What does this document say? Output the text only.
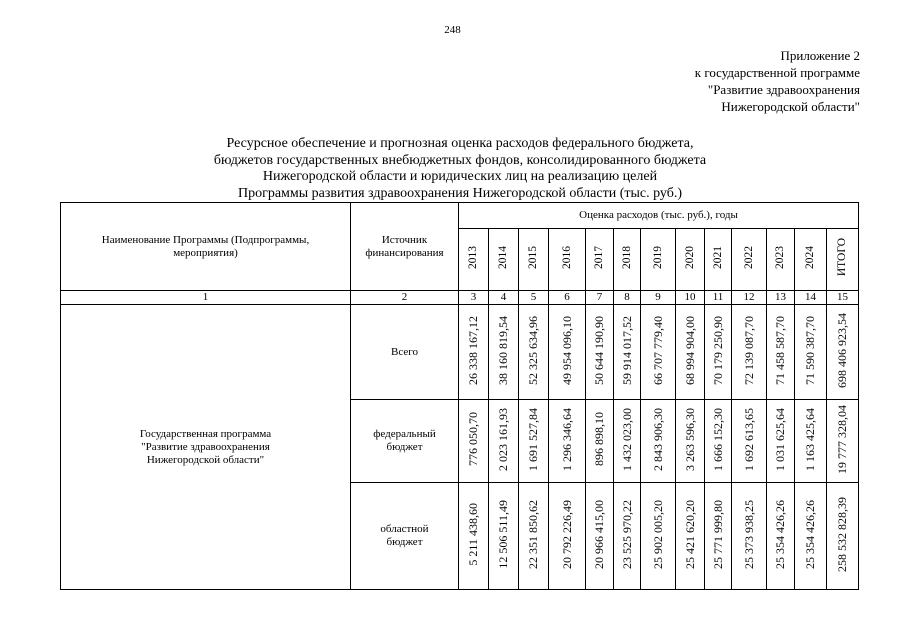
248
Приложение 2
к государственной программе
"Развитие здравоохранения
Нижегородской области"
Ресурсное обеспечение и прогнозная оценка расходов федерального бюджета,
бюджетов государственных внебюджетных фондов, консолидированного бюджета
Нижегородской области и юридических лиц на реализацию целей
Программы развития здравоохранения Нижегородской области (тыс. руб.)
Наименование Программы (Подпрограммы, мероприятия)	Источник финансирования	Оценка расходов (тыс. руб.), годы												
		2013	2014	2015	2016	2017	2018	2019	2020	2021	2022	2023	2024	ИТОГО
1	2	3	4	5	6	7	8	9	10	11	12	13	14	15

Государственная программа "Развитие здравоохранения Нижегородской области"	Всего	26 338 167,12	38 160 819,54	52 325 634,96	49 954 096,10	50 644 190,90	59 914 017,52	66 707 779,40	68 994 904,00	70 179 250,90	72 139 087,70	71 458 587,70	71 590 387,70	698 406 923,54

	федеральный бюджет	776 050,70	2 023 161,93	1 691 527,84	1 296 346,64	896 898,10	1 432 023,00	2 843 906,30	3 263 596,30	1 666 152,30	1 692 613,65	1 031 625,64	1 163 425,64	19 777 328,04

	областной бюджет	5 211 438,60	12 506 511,49	22 351 850,62	20 792 226,49	20 966 415,00	23 525 970,22	25 902 005,20	25 421 620,20	25 771 999,80	25 373 938,25	25 354 426,26	25 354 426,26	258 532 828,39
